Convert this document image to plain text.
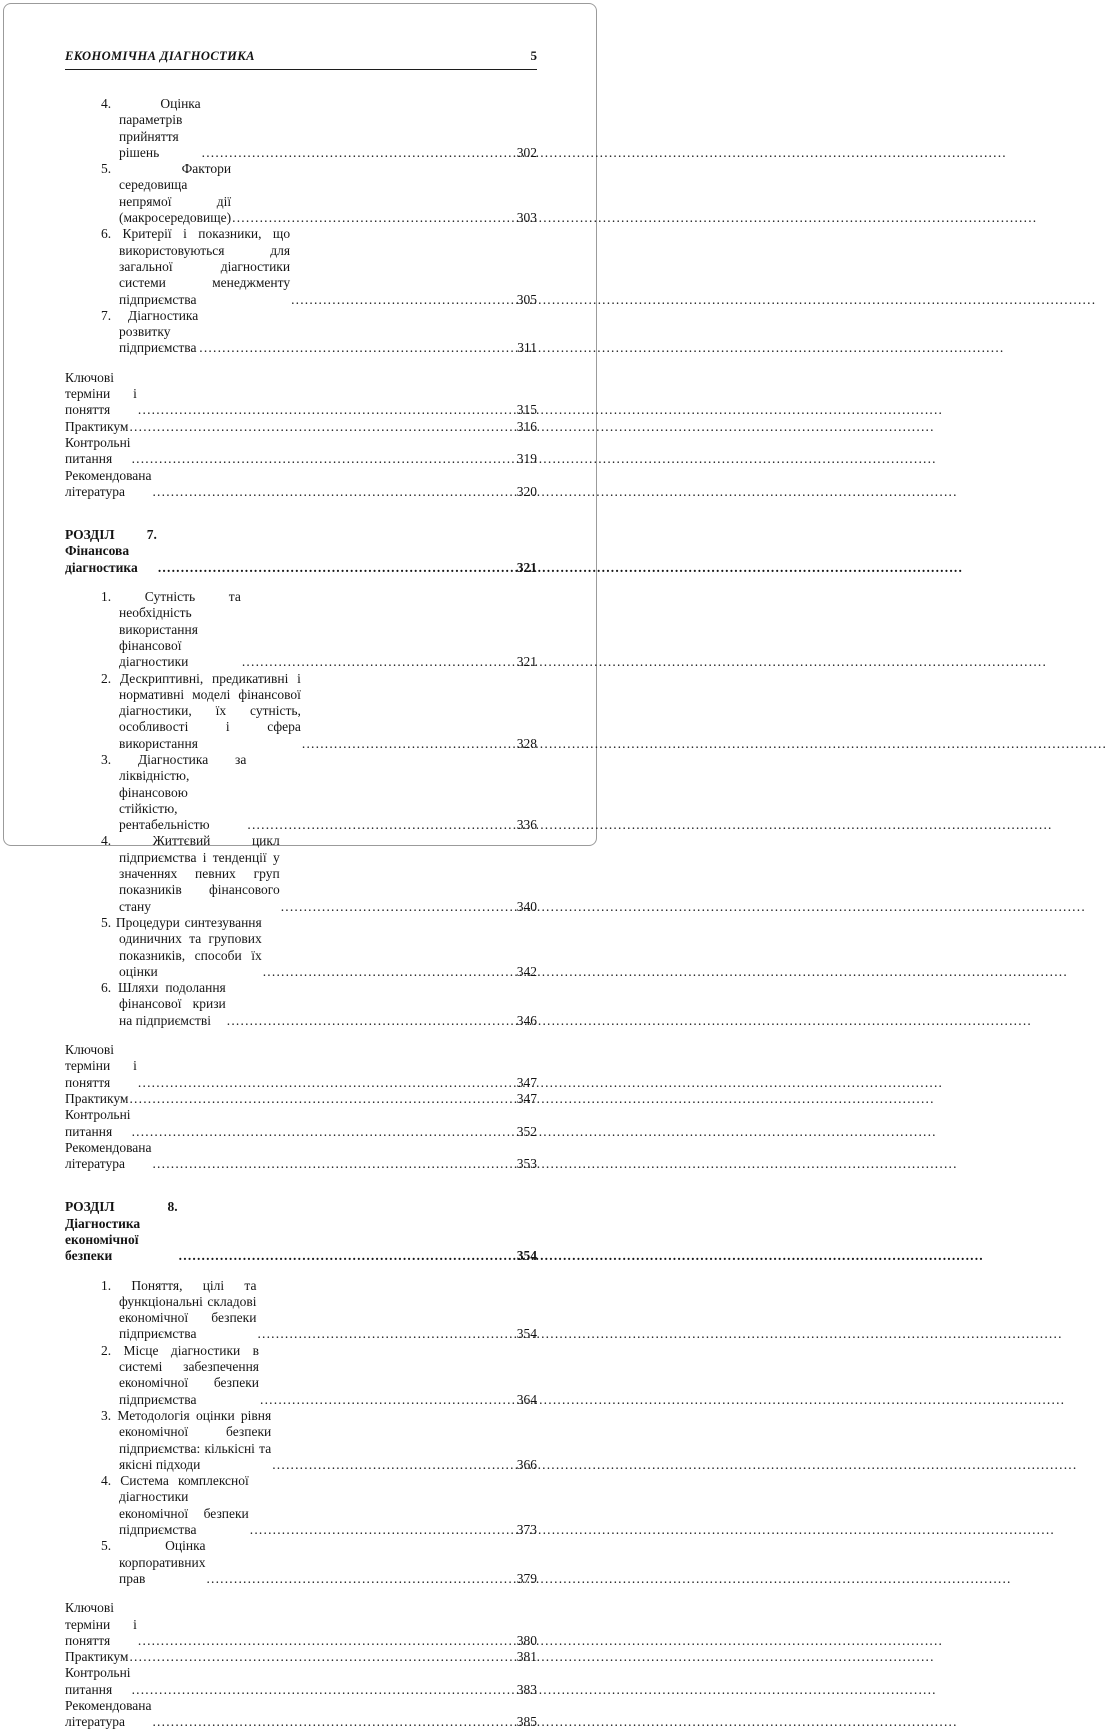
ЕКОНОМІЧНА ДІАГНОСТИКА	5
4. Оцінка параметрів прийняття рішень .....	302
5. Фактори середовища непрямої дії (макросередовище) .....	303
6. Критерії і показники, що використовуються для загальної діагностики системи менеджменту підприємства .....	305
7. Діагностика розвитку підприємства .....	311
Ключові терміни і поняття .....	315
Практикум .....	316
Контрольні питання .....	319
Рекомендована література .....	320
РОЗДІЛ 7. Фінансова діагностика .....	321
1. Сутність та необхідність використання фінансової діагностики .....	321
2. Дескриптивні, предикативні і нормативні моделі фінансової діагностики, їх сутність, особливості і сфера використання .....	328
3. Діагностика за ліквідністю, фінансовою стійкістю, рентабельністю .....	336
4. Життєвий цикл підприємства і тенденції у значеннях певних груп показників фінансового стану .....	340
5. Процедури синтезування одиничних та групових показників, способи їх оцінки .....	342
6. Шляхи подолання фінансової кризи на підприємстві .....	346
Ключові терміни і поняття .....	347
Практикум .....	347
Контрольні питання .....	352
Рекомендована література .....	353
РОЗДІЛ 8. Діагностика економічної безпеки .....	354
1. Поняття, цілі та функціональні складові економічної безпеки підприємства .....	354
2. Місце діагностики в системі забезпечення економічної безпеки підприємства .....	364
3. Методологія оцінки рівня економічної безпеки підприємства: кількісні та якісні підходи .....	366
4. Система комплексної діагностики економічної безпеки підприємства .....	373
5. Оцінка корпоративних прав .....	379
Ключові терміни і поняття .....	380
Практикум .....	381
Контрольні питання .....	383
Рекомендована література .....	385
